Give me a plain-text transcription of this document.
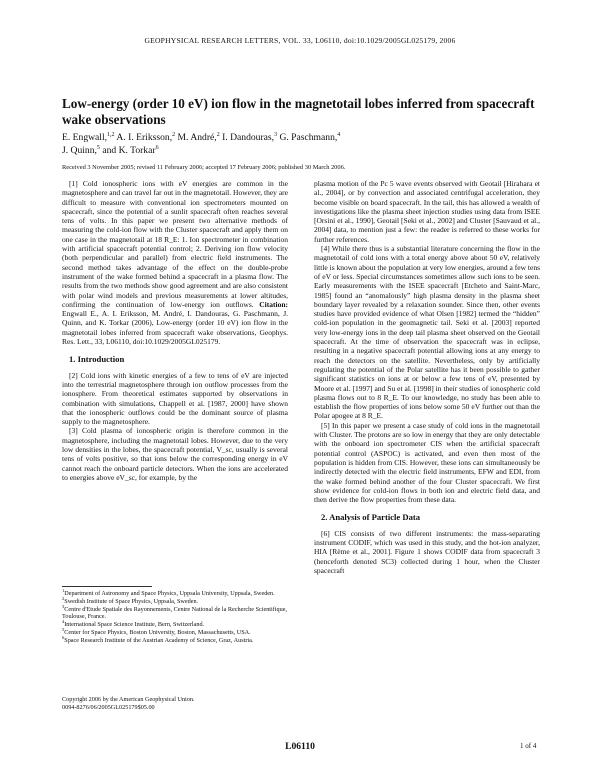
GEOPHYSICAL RESEARCH LETTERS, VOL. 33, L06110, doi:10.1029/2005GL025179, 2006
Low-energy (order 10 eV) ion flow in the magnetotail lobes inferred from spacecraft wake observations
E. Engwall,$^{1,2}$ A. I. Eriksson,$^2$ M. André,$^2$ I. Dandouras,$^3$ G. Paschmann,$^4$
J. Quinn,$^5$ and K. Torkar$^6$
Received 3 November 2005; revised 11 February 2006; accepted 17 February 2006; published 30 March 2006.

[1] Cold ionospheric ions with eV energies are common in the magnetosphere and can travel far out in the magnetotail. However, they are difficult to measure with conventional ion spectrometers mounted on spacecraft, since the potential of a sunlit spacecraft often reaches several tens of volts. In this paper we present two alternative methods of measuring the cold-ion flow with the Cluster spacecraft and apply them on one case in the magnetotail at 18 R_E: 1. Ion spectrometer in combination with artificial spacecraft potential control; 2. Deriving ion flow velocity (both perpendicular and parallel) from electric field instruments. The second method takes advantage of the effect on the double-probe instrument of the wake formed behind a spacecraft in a plasma flow. The results from the two methods show good agreement and are also consistent with polar wind models and previous measurements at lower altitudes, confirming the continuation of low-energy ion outflows. Citation: Engwall E., A. I. Eriksson, M. André, I. Dandouras, G. Paschmann, J. Quinn, and K. Torkar (2006), Low-energy (order 10 eV) ion flow in the magnetotail lobes inferred from spacecraft wake observations, Geophys. Res. Lett., 33, L06110, doi:10.1029/2005GL025179.

1. Introduction

[2] Cold ions with kinetic energies of a few to tens of eV are injected into the terrestrial magnetosphere through ion outflow processes from the ionosphere. From theoretical estimates supported by observations in combination with simulations, Chappell et al. [1987, 2000] have shown that the ionospheric outflows could be the dominant source of plasma supply to the magnetosphere.

[3] Cold plasma of ionospheric origin is therefore common in the magnetosphere, including the magnetotail lobes. However, due to the very low densities in the lobes, the spacecraft potential, V_sc, usually is several tens of volts positive, so that ions below the corresponding energy in eV cannot reach the onboard particle detectors. When the ions are accelerated to energies above eV_sc, for example, by the

$^1$Department of Astronomy and Space Physics, Uppsala University, Uppsala, Sweden.
$^2$Swedish Institute of Space Physics, Uppsala, Sweden.
$^3$Centre d'Etude Spatiale des Rayonnements, Centre National de la Recherche Scientifique, Toulouse, France.
$^4$International Space Science Institute, Bern, Switzerland.
$^5$Center for Space Physics, Boston University, Boston, Massachusetts, USA.
$^6$Space Research Institute of the Austrian Academy of Science, Graz, Austria.
Copyright 2006 by the American Geophysical Union.
0094-8276/06/2005GL025179$05.00

plasma motion of the Pc 5 wave events observed with Geotail [Hirahara et al., 2004], or by convection and associated centrifugal acceleration, they become visible on board spacecraft. In the tail, this has allowed a wealth of investigations like the plasma sheet injection studies using data from ISEE [Orsini et al., 1990], Geotail [Seki et al., 2002] and Cluster [Sauvaud et al., 2004] data, to mention just a few: the reader is referred to these works for further references.

[4] While there thus is a substantial literature concerning the flow in the magnetotail of cold ions with a total energy above about 50 eV, relatively little is known about the population at very low energies, around a few tens of eV or less. Special circumstances sometimes allow such ions to be seen. Early measurements with the ISEE spacecraft [Etcheto and Saint-Marc, 1985] found an “anomalously” high plasma density in the plasma sheet boundary layer revealed by a relaxation sounder. Since then, other events studies have provided evidence of what Olsen [1982] termed the “hidden” cold-ion population in the geomagnetic tail. Seki et al. [2003] reported very low-energy ions in the deep tail plasma sheet observed on the Geotail spacecraft. At the time of observation the spacecraft was in eclipse, resulting in a negative spacecraft potential allowing ions at any energy to reach the detectors on the satellite. Nevertheless, only by artificially regulating the potential of the Polar satellite has it been possible to gather significant statistics on ions at or below a few tens of eV, presented by Moore et al. [1997] and Su et al. [1998] in their studies of ionospheric cold plasma flows out to 8 R_E. To our knowledge, no study has been able to establish the flow properties of ions below some 50 eV further out than the Polar apogee at 8 R_E.

[5] In this paper we present a case study of cold ions in the magnetotail with Cluster. The protons are so low in energy that they are only detectable with the onboard ion spectrometer CIS when the artificial spacecraft potential control (ASPOC) is activated, and even then most of the population is hidden from CIS. However, these ions can simultaneously be indirectly detected with the electric field instruments, EFW and EDI, from the wake formed behind another of the four Cluster spacecraft. We first show evidence for cold-ion flows in both ion and electric field data, and then derive the flow properties from these data.

2. Analysis of Particle Data

[6] CIS consists of two different instruments: the mass-separating instrument CODIF, which was used in this study, and the hot-ion analyzer, HIA [Rème et al., 2001]. Figure 1 shows CODIF data from spacecraft 3 (henceforth denoted SC3) collected during 1 hour, when the Cluster spacecraft

L06110	1 of 4
